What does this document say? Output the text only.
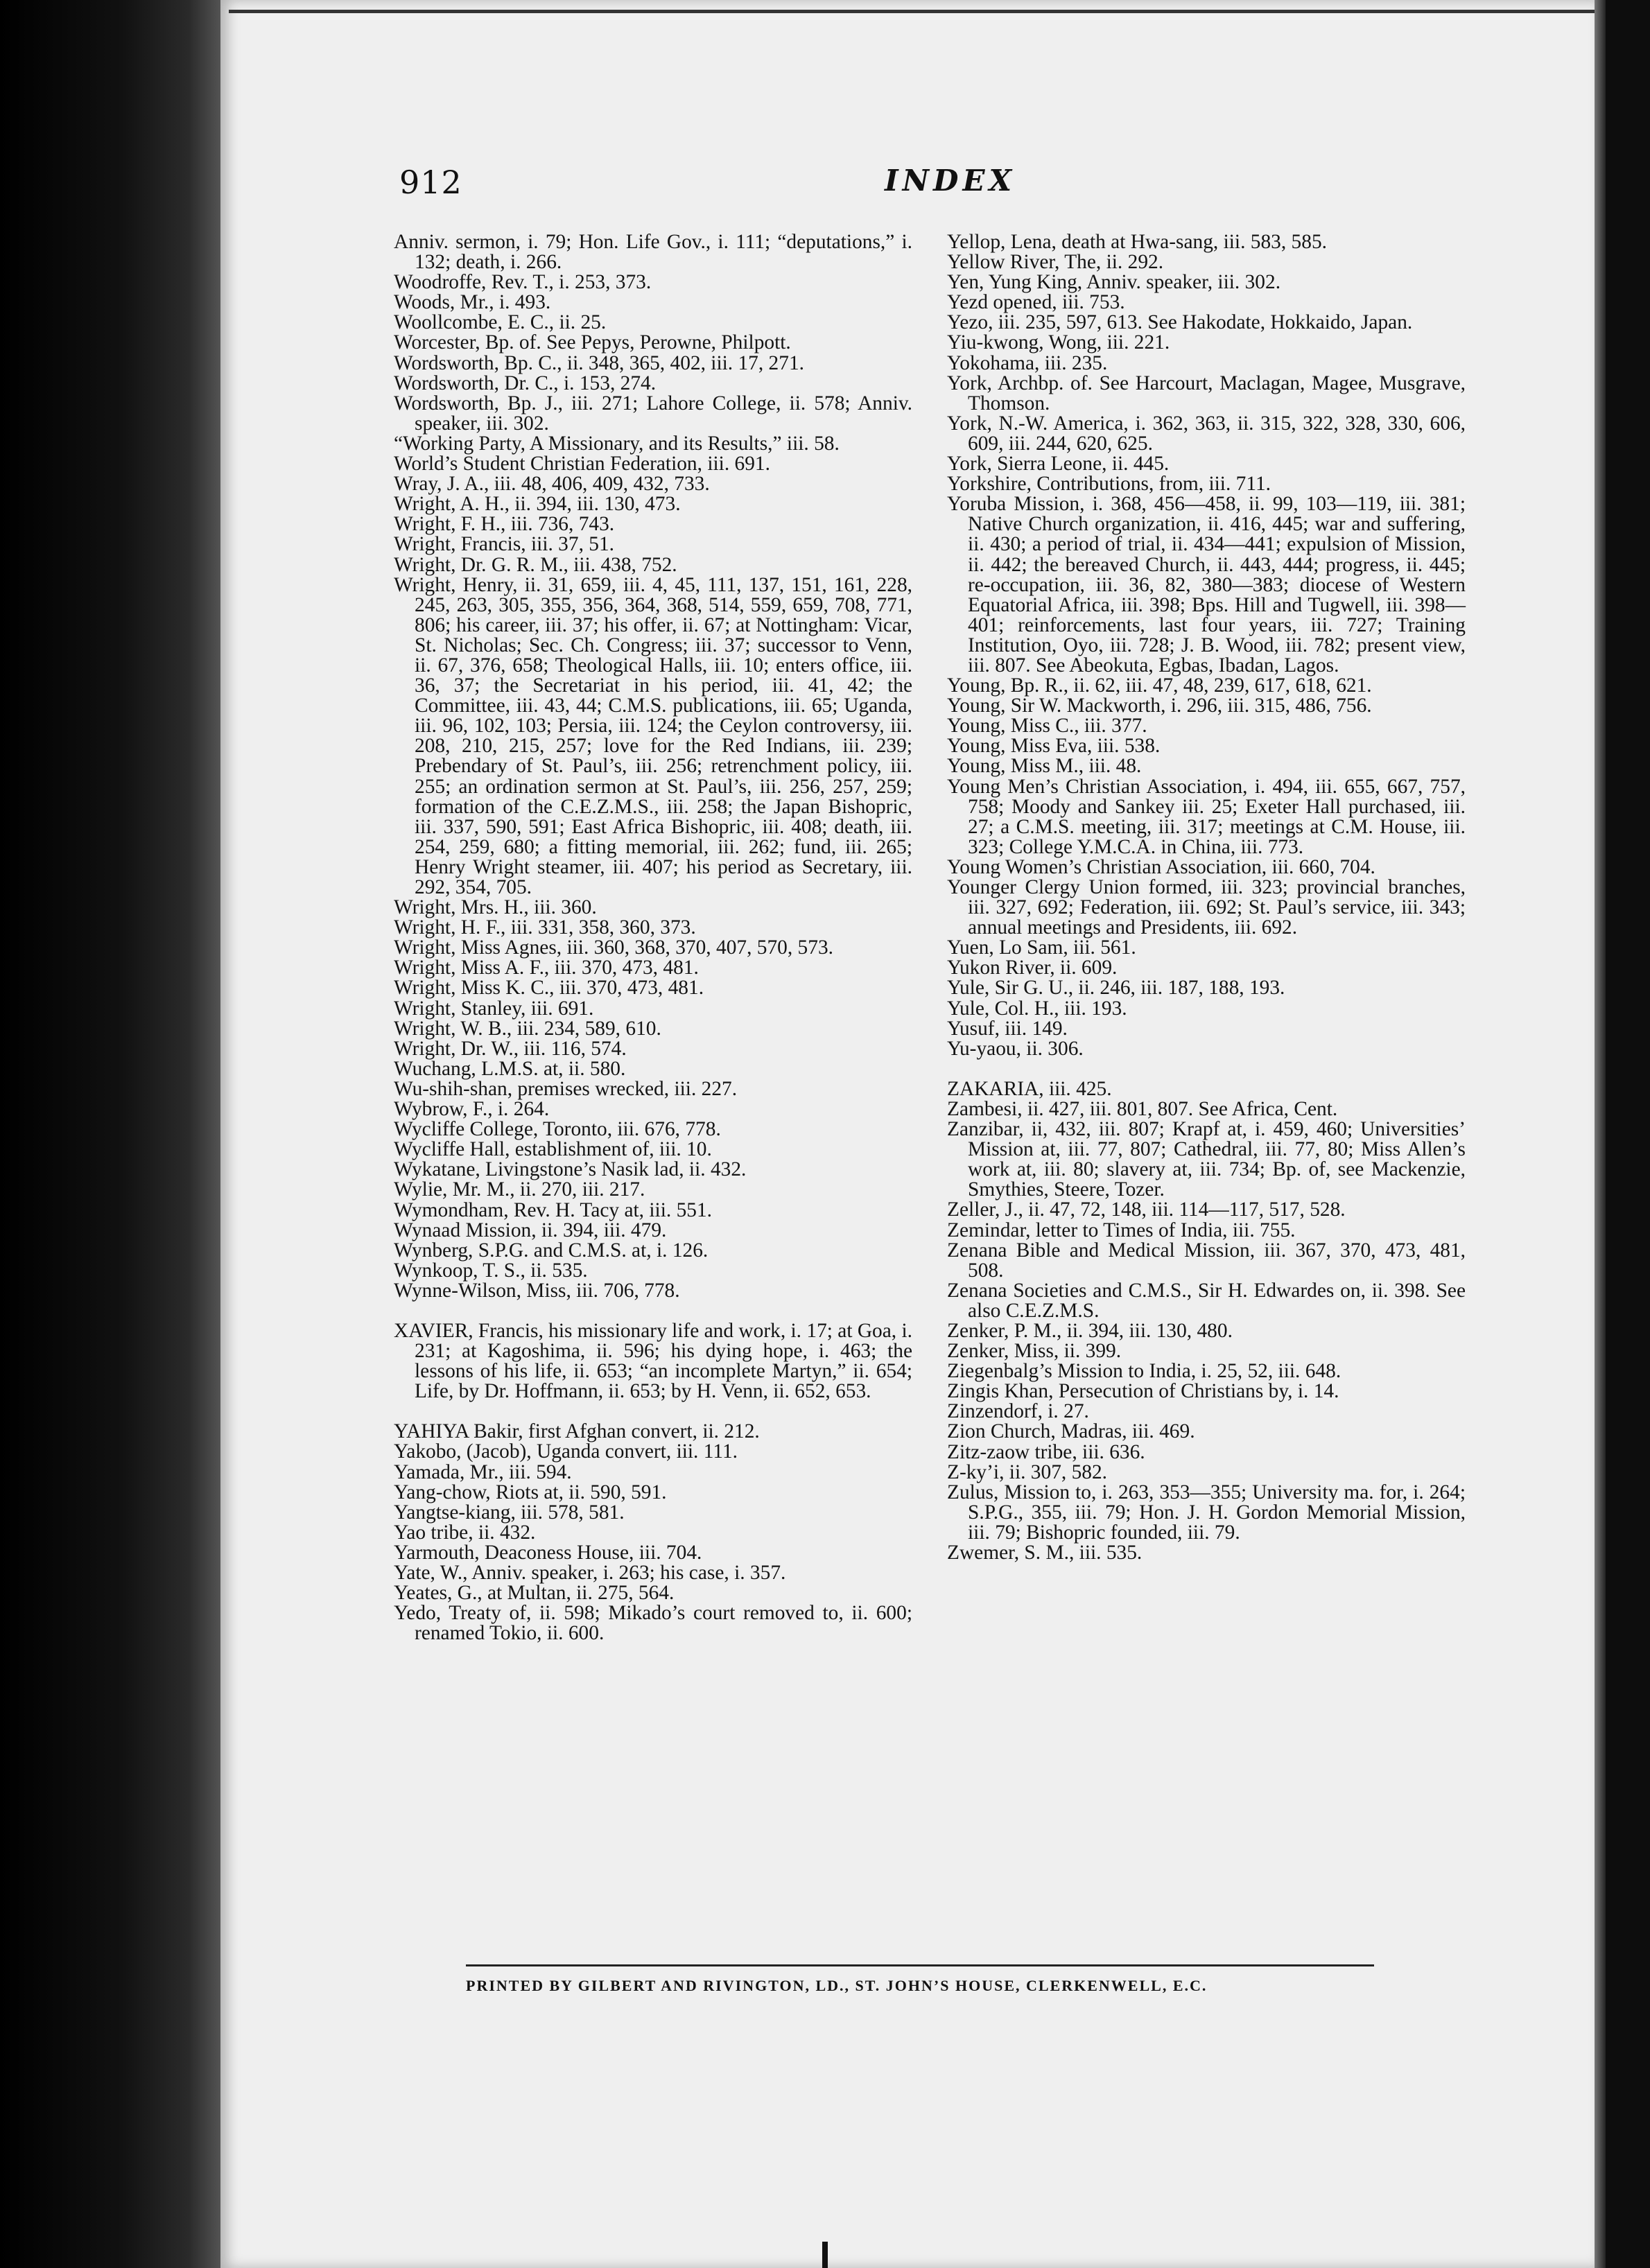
912	INDEX
Anniv. sermon, i. 79; Hon. Life Gov., i. 111; “deputations,” i. 132; death, i. 266.
Woodroffe, Rev. T., i. 253, 373.
Woods, Mr., i. 493.
Woollcombe, E. C., ii. 25.
Worcester, Bp. of. See Pepys, Perowne, Philpott.
Wordsworth, Bp. C., ii. 348, 365, 402, iii. 17, 271.
Wordsworth, Dr. C., i. 153, 274.
Wordsworth, Bp. J., iii. 271; Lahore College, ii. 578; Anniv. speaker, iii. 302.
“Working Party, A Missionary, and its Results,” iii. 58.
World’s Student Christian Federation, iii. 691.
Wray, J. A., iii. 48, 406, 409, 432, 733.
Wright, A. H., ii. 394, iii. 130, 473.
Wright, F. H., iii. 736, 743.
Wright, Francis, iii. 37, 51.
Wright, Dr. G. R. M., iii. 438, 752.
Wright, Henry, ii. 31, 659, iii. 4, 45, 111, 137, 151, 161, 228, 245, 263, 305, 355, 356, 364, 368, 514, 559, 659, 708, 771, 806; his career, iii. 37; his offer, ii. 67; at Nottingham: Vicar, St. Nicholas; Sec. Ch. Congress; iii. 37; successor to Venn, ii. 67, 376, 658; Theological Halls, iii. 10; enters office, iii. 36, 37; the Secretariat in his period, iii. 41, 42; the Committee, iii. 43, 44; C.M.S. publications, iii. 65; Uganda, iii. 96, 102, 103; Persia, iii. 124; the Ceylon controversy, iii. 208, 210, 215, 257; love for the Red Indians, iii. 239; Prebendary of St. Paul’s, iii. 256; retrenchment policy, iii. 255; an ordination sermon at St. Paul’s, iii. 256, 257, 259; formation of the C.E.Z.M.S., iii. 258; the Japan Bishopric, iii. 337, 590, 591; East Africa Bishopric, iii. 408; death, iii. 254, 259, 680; a fitting memorial, iii. 262; fund, iii. 265; Henry Wright steamer, iii. 407; his period as Secretary, iii. 292, 354, 705.
Wright, Mrs. H., iii. 360.
Wright, H. F., iii. 331, 358, 360, 373.
Wright, Miss Agnes, iii. 360, 368, 370, 407, 570, 573.
Wright, Miss A. F., iii. 370, 473, 481.
Wright, Miss K. C., iii. 370, 473, 481.
Wright, Stanley, iii. 691.
Wright, W. B., iii. 234, 589, 610.
Wright, Dr. W., iii. 116, 574.
Wuchang, L.M.S. at, ii. 580.
Wu-shih-shan, premises wrecked, iii. 227.
Wybrow, F., i. 264.
Wycliffe College, Toronto, iii. 676, 778.
Wycliffe Hall, establishment of, iii. 10.
Wykatane, Livingstone’s Nasik lad, ii. 432.
Wylie, Mr. M., ii. 270, iii. 217.
Wymondham, Rev. H. Tacy at, iii. 551.
Wynaad Mission, ii. 394, iii. 479.
Wynberg, S.P.G. and C.M.S. at, i. 126.
Wynkoop, T. S., ii. 535.
Wynne-Wilson, Miss, iii. 706, 778.
XAVIER, Francis, his missionary life and work, i. 17; at Goa, i. 231; at Kagoshima, ii. 596; his dying hope, i. 463; the lessons of his life, ii. 653; “an incomplete Martyn,” ii. 654; Life, by Dr. Hoffmann, ii. 653; by H. Venn, ii. 652, 653.
YAHIYA Bakir, first Afghan convert, ii. 212.
Yakobo, (Jacob), Uganda convert, iii. 111.
Yamada, Mr., iii. 594.
Yang-chow, Riots at, ii. 590, 591.
Yangtse-kiang, iii. 578, 581.
Yao tribe, ii. 432.
Yarmouth, Deaconess House, iii. 704.
Yate, W., Anniv. speaker, i. 263; his case, i. 357.
Yeates, G., at Multan, ii. 275, 564.
Yedo, Treaty of, ii. 598; Mikado’s court removed to, ii. 600; renamed Tokio, ii. 600.
Yellop, Lena, death at Hwa-sang, iii. 583, 585.
Yellow River, The, ii. 292.
Yen, Yung King, Anniv. speaker, iii. 302.
Yezd opened, iii. 753.
Yezo, iii. 235, 597, 613. See Hakodate, Hokkaido, Japan.
Yiu-kwong, Wong, iii. 221.
Yokohama, iii. 235.
York, Archbp. of. See Harcourt, Maclagan, Magee, Musgrave, Thomson.
York, N.-W. America, i. 362, 363, ii. 315, 322, 328, 330, 606, 609, iii. 244, 620, 625.
York, Sierra Leone, ii. 445.
Yorkshire, Contributions, from, iii. 711.
Yoruba Mission, i. 368, 456—458, ii. 99, 103—119, iii. 381; Native Church organization, ii. 416, 445; war and suffering, ii. 430; a period of trial, ii. 434—441; expulsion of Mission, ii. 442; the bereaved Church, ii. 443, 444; progress, ii. 445; re-occupation, iii. 36, 82, 380—383; diocese of Western Equatorial Africa, iii. 398; Bps. Hill and Tugwell, iii. 398—401; reinforcements, last four years, iii. 727; Training Institution, Oyo, iii. 728; J. B. Wood, iii. 782; present view, iii. 807. See Abeokuta, Egbas, Ibadan, Lagos.
Young, Bp. R., ii. 62, iii. 47, 48, 239, 617, 618, 621.
Young, Sir W. Mackworth, i. 296, iii. 315, 486, 756.
Young, Miss C., iii. 377.
Young, Miss Eva, iii. 538.
Young, Miss M., iii. 48.
Young Men’s Christian Association, i. 494, iii. 655, 667, 757, 758; Moody and Sankey iii. 25; Exeter Hall purchased, iii. 27; a C.M.S. meeting, iii. 317; meetings at C.M. House, iii. 323; College Y.M.C.A. in China, iii. 773.
Young Women’s Christian Association, iii. 660, 704.
Younger Clergy Union formed, iii. 323; provincial branches, iii. 327, 692; Federation, iii. 692; St. Paul’s service, iii. 343; annual meetings and Presidents, iii. 692.
Yuen, Lo Sam, iii. 561.
Yukon River, ii. 609.
Yule, Sir G. U., ii. 246, iii. 187, 188, 193.
Yule, Col. H., iii. 193.
Yusuf, iii. 149.
Yu-yaou, ii. 306.
ZAKARIA, iii. 425.
Zambesi, ii. 427, iii. 801, 807. See Africa, Cent.
Zanzibar, ii, 432, iii. 807; Krapf at, i. 459, 460; Universities’ Mission at, iii. 77, 807; Cathedral, iii. 77, 80; Miss Allen’s work at, iii. 80; slavery at, iii. 734; Bp. of, see Mackenzie, Smythies, Steere, Tozer.
Zeller, J., ii. 47, 72, 148, iii. 114—117, 517, 528.
Zemindar, letter to Times of India, iii. 755.
Zenana Bible and Medical Mission, iii. 367, 370, 473, 481, 508.
Zenana Societies and C.M.S., Sir H. Edwardes on, ii. 398. See also C.E.Z.M.S.
Zenker, P. M., ii. 394, iii. 130, 480.
Zenker, Miss, ii. 399.
Ziegenbalg’s Mission to India, i. 25, 52, iii. 648.
Zingis Khan, Persecution of Christians by, i. 14.
Zinzendorf, i. 27.
Zion Church, Madras, iii. 469.
Zitz-zaow tribe, iii. 636.
Z-ky’i, ii. 307, 582.
Zulus, Mission to, i. 263, 353—355; University ma. for, i. 264; S.P.G., 355, iii. 79; Hon. J. H. Gordon Memorial Mission, iii. 79; Bishopric founded, iii. 79.
Zwemer, S. M., iii. 535.
PRINTED BY GILBERT AND RIVINGTON, LD., ST. JOHN’S HOUSE, CLERKENWELL, E.C.
